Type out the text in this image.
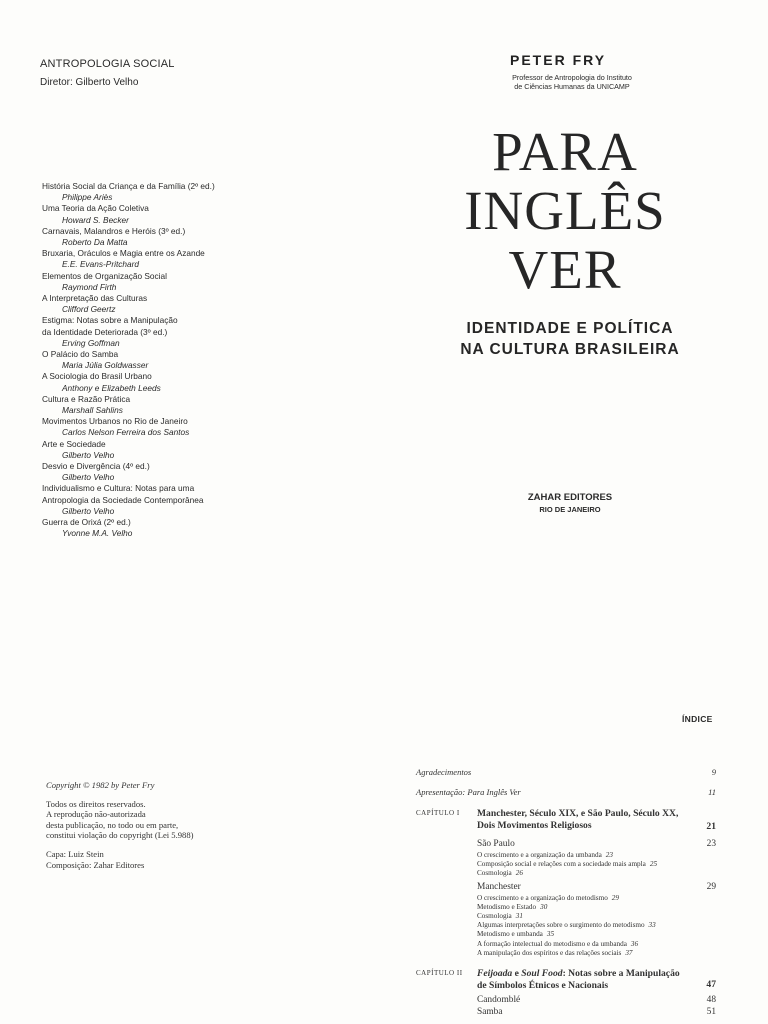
ANTROPOLOGIA SOCIAL
Diretor: Gilberto Velho
História Social da Criança e da Família (2º ed.)
Philippe Ariès
Uma Teoria da Ação Coletiva
Howard S. Becker
Carnavais, Malandros e Heróis (3º ed.)
Roberto Da Matta
Bruxaria, Oráculos e Magia entre os Azande
E.E. Evans-Pritchard
Elementos de Organização Social
Raymond Firth
A Interpretação das Culturas
Clifford Geertz
Estigma: Notas sobre a Manipulação
da Identidade Deteriorada (3º ed.)
Erving Goffman
O Palácio do Samba
Maria Júlia Goldwasser
A Sociologia do Brasil Urbano
Anthony e Elizabeth Leeds
Cultura e Razão Prática
Marshall Sahlins
Movimentos Urbanos no Rio de Janeiro
Carlos Nelson Ferreira dos Santos
Arte e Sociedade
Gilberto Velho
Desvio e Divergência (4º ed.)
Gilberto Velho
Individualismo e Cultura: Notas para uma
Antropologia da Sociedade Contemporânea
Gilberto Velho
Guerra de Orixá (2º ed.)
Yvonne M.A. Velho
PETER FRY
Professor de Antropologia do Instituto
de Ciências Humanas da UNICAMP
PARA
INGLÊS
VER
IDENTIDADE E POLÍTICA
NA CULTURA BRASILEIRA
ZAHAR EDITORES
RIO DE JANEIRO
Copyright © 1982 by Peter Fry
Todos os direitos reservados.
A reprodução não-autorizada
desta publicação, no todo ou em parte,
constitui violação do copyright (Lei 5.988)
Capa: Luiz Stein
Composição: Zahar Editores
ÍNDICE
Agradecimentos	9
Apresentação: Para Inglês Ver	11
CAPÍTULO I Manchester, Século XIX, e São Paulo, Século XX,
Dois Movimentos Religiosos	21
São Paulo	23
O crescimento e a organização da umbanda 23
Composição social e relações com a sociedade mais ampla 25
Cosmologia 26
Manchester	29
O crescimento e a organização do metodismo 29
Metodismo e Estado 30
Cosmologia 31
Algumas interpretações sobre o surgimento do metodismo 33
Metodismo e umbanda 35
A formação intelectual do metodismo e da umbanda 36
A manipulação dos espíritos e das relações sociais 37
CAPÍTULO II Feijoada e Soul Food: Notas sobre a Manipulação
de Símbolos Étnicos e Nacionais	47
Candomblé	48
Samba	51
